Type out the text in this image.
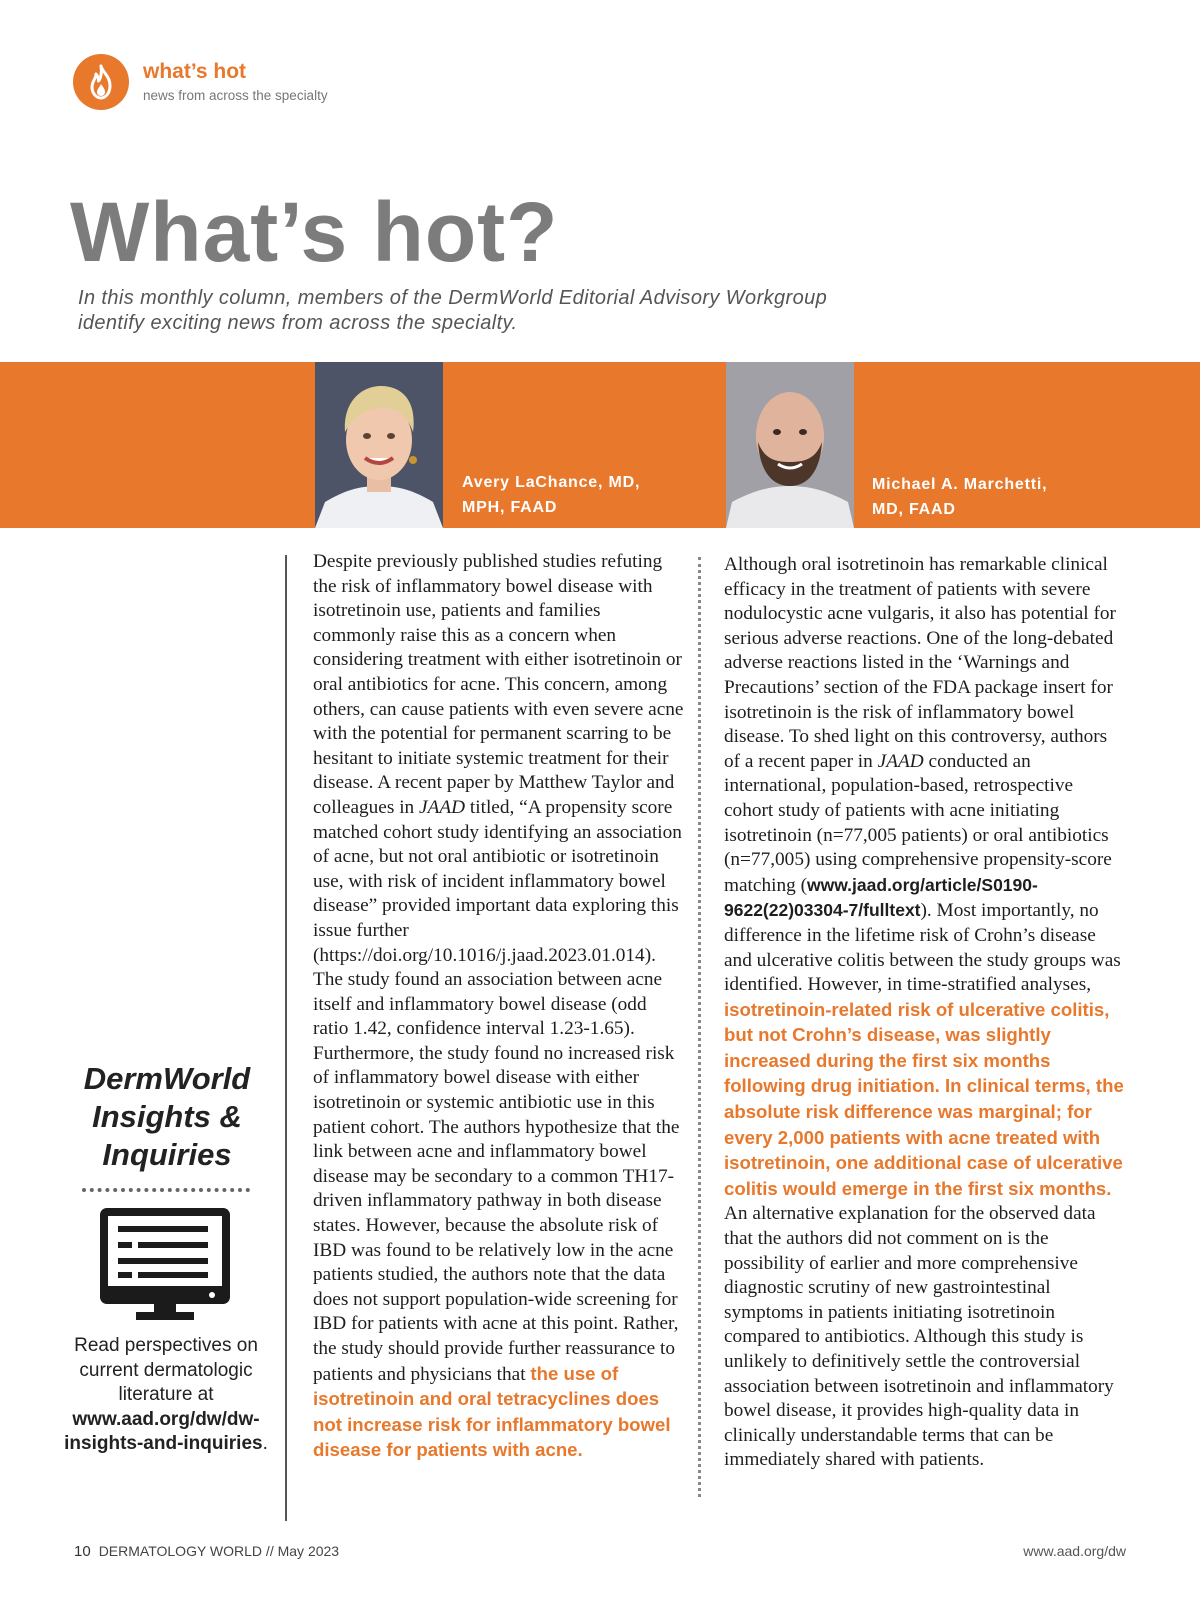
what’s hot
news from across the specialty
What’s hot?
In this monthly column, members of the DermWorld Editorial Advisory Workgroup identify exciting news from across the specialty.
Avery LaChance, MD,
MPH, FAAD
Michael A. Marchetti,
MD, FAAD
DermWorld
Insights &
Inquiries
Read perspectives on current dermatologic literature at www.aad.org/dw/dw-insights-and-inquiries.
Despite previously published studies refuting the risk of inflammatory bowel disease with isotretinoin use, patients and families commonly raise this as a concern when considering treatment with either isotretinoin or oral antibiotics for acne. This concern, among others, can cause patients with even severe acne with the potential for permanent scarring to be hesitant to initiate systemic treatment for their disease. A recent paper by Matthew Taylor and colleagues in JAAD titled, “A propensity score matched cohort study identifying an association of acne, but not oral antibiotic or isotretinoin use, with risk of incident inflammatory bowel disease” provided important data exploring this issue further (https://doi.org/10.1016/j.jaad.2023.01.014). The study found an association between acne itself and inflammatory bowel disease (odd ratio 1.42, confidence interval 1.23-1.65). Furthermore, the study found no increased risk of inflammatory bowel disease with either isotretinoin or systemic antibiotic use in this patient cohort. The authors hypothesize that the link between acne and inflammatory bowel disease may be secondary to a common TH17-driven inflammatory pathway in both disease states. However, because the absolute risk of IBD was found to be relatively low in the acne patients studied, the authors note that the data does not support population-wide screening for IBD for patients with acne at this point. Rather, the study should provide further reassurance to patients and physicians that the use of isotretinoin and oral tetracyclines does not increase risk for inflammatory bowel disease for patients with acne.
Although oral isotretinoin has remarkable clinical efficacy in the treatment of patients with severe nodulocystic acne vulgaris, it also has potential for serious adverse reactions. One of the long-debated adverse reactions listed in the ‘Warnings and Precautions’ section of the FDA package insert for isotretinoin is the risk of inflammatory bowel disease. To shed light on this controversy, authors of a recent paper in JAAD conducted an international, population-based, retrospective cohort study of patients with acne initiating isotretinoin (n=77,005 patients) or oral antibiotics (n=77,005) using comprehensive propensity-score matching (www.jaad.org/article/S0190-9622(22)03304-7/fulltext). Most importantly, no difference in the lifetime risk of Crohn’s disease and ulcerative colitis between the study groups was identified. However, in time-stratified analyses, isotretinoin-related risk of ulcerative colitis, but not Crohn’s disease, was slightly increased during the first six months following drug initiation. In clinical terms, the absolute risk difference was marginal; for every 2,000 patients with acne treated with isotretinoin, one additional case of ulcerative colitis would emerge in the first six months. An alternative explanation for the observed data that the authors did not comment on is the possibility of earlier and more comprehensive diagnostic scrutiny of new gastrointestinal symptoms in patients initiating isotretinoin compared to antibiotics. Although this study is unlikely to definitively settle the controversial association between isotretinoin and inflammatory bowel disease, it provides high-quality data in clinically understandable terms that can be immediately shared with patients.
10 DERMATOLOGY WORLD // May 2023	www.aad.org/dw
